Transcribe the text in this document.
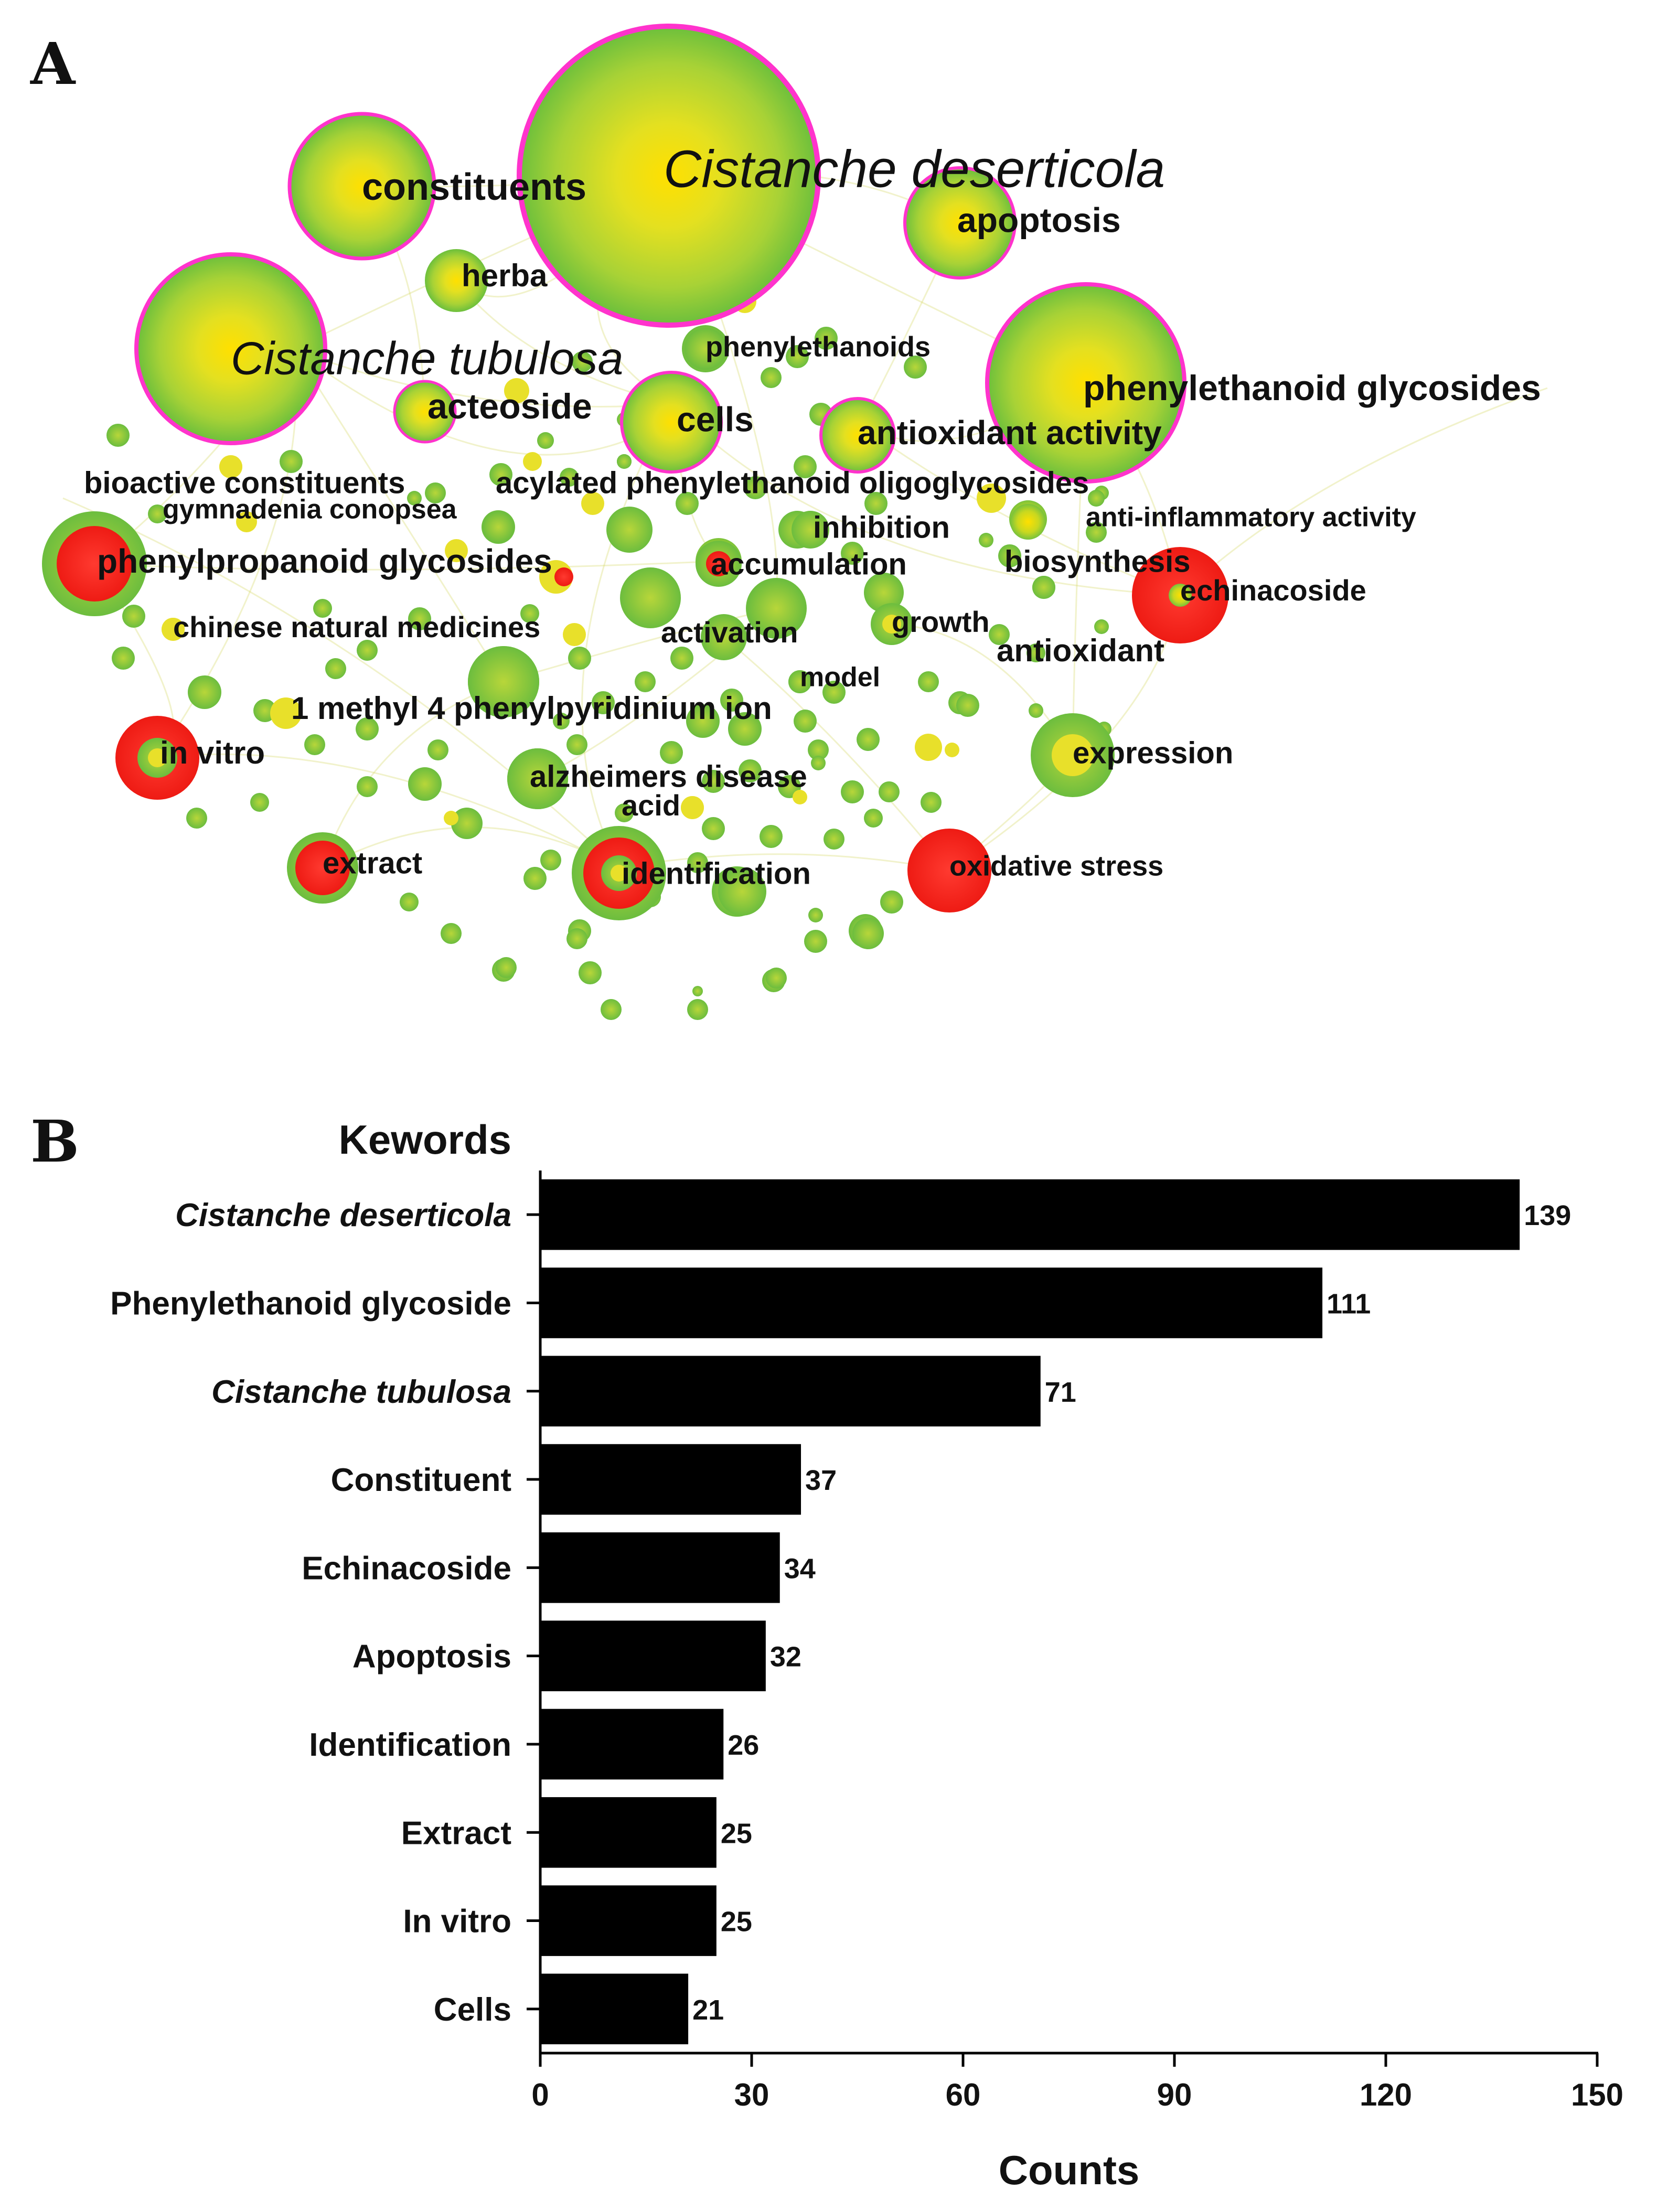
A
Cistanche deserticola
constituents
apoptosis
herba
Cistanche tubulosa	phenylethanoids
phenylethanoid glycosides
acteoside cells	antioxidant activity
bioactive constituents	acylated phenylethanoid oligoglycosides
gymnadenia conopsea	anti-inflammatory activity
inhibition
phenylpropanoid glycosides	accumulation	biosynthesis
echinacoside
chinese natural medicines	activation	growth
antioxidant
model
1 methyl 4 phenylpyridinium ion
in vitro	expression
alzheimers disease
acid
extract	identification	oxidative stress
B	Kewords
139
111
71
37
34
32
26
25
25
21
Cistanche deserticola
Phenylethanoid glycoside
Cistanche tubulosa
Constituent
Echinacoside
Apoptosis
Identification
Extract
In vitro
Cells
0	30	60	90	120	150
Counts
